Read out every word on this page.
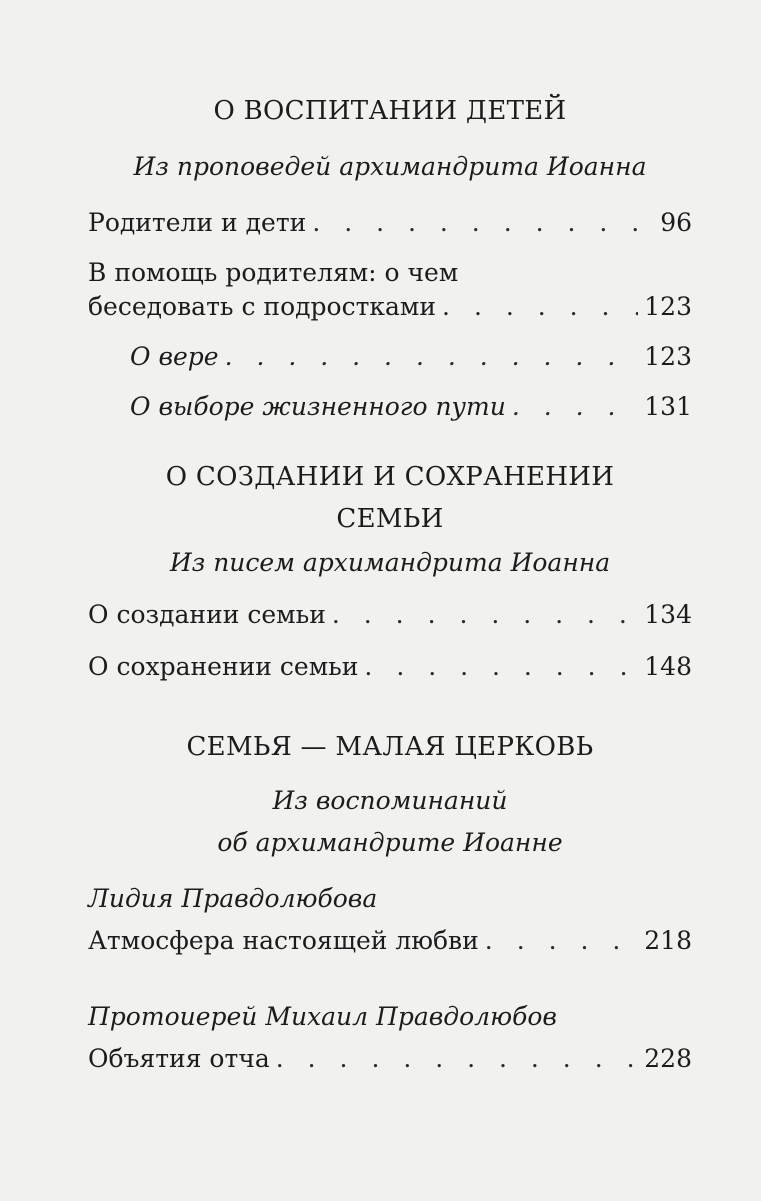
О ВОСПИТАНИИ ДЕТЕЙ
Из проповедей архимандрита Иоанна
Родители и дети . . .	96
В помощь родителям: о чем
беседовать с подростками . . .	123
О вере . . .	123
О выборе жизненного пути . . .	131
О СОЗДАНИИ И СОХРАНЕНИИ
СЕМЬИ
Из писем архимандрита Иоанна
О создании семьи . . .	134
О сохранении семьи . . .	148
СЕМЬЯ — МАЛАЯ ЦЕРКОВЬ
Из воспоминаний
об архимандрите Иоанне
Лидия Правдолюбова
Атмосфера настоящей любви . . .	218
Протоиерей Михаил Правдолюбов
Объятия отча . . .	228
